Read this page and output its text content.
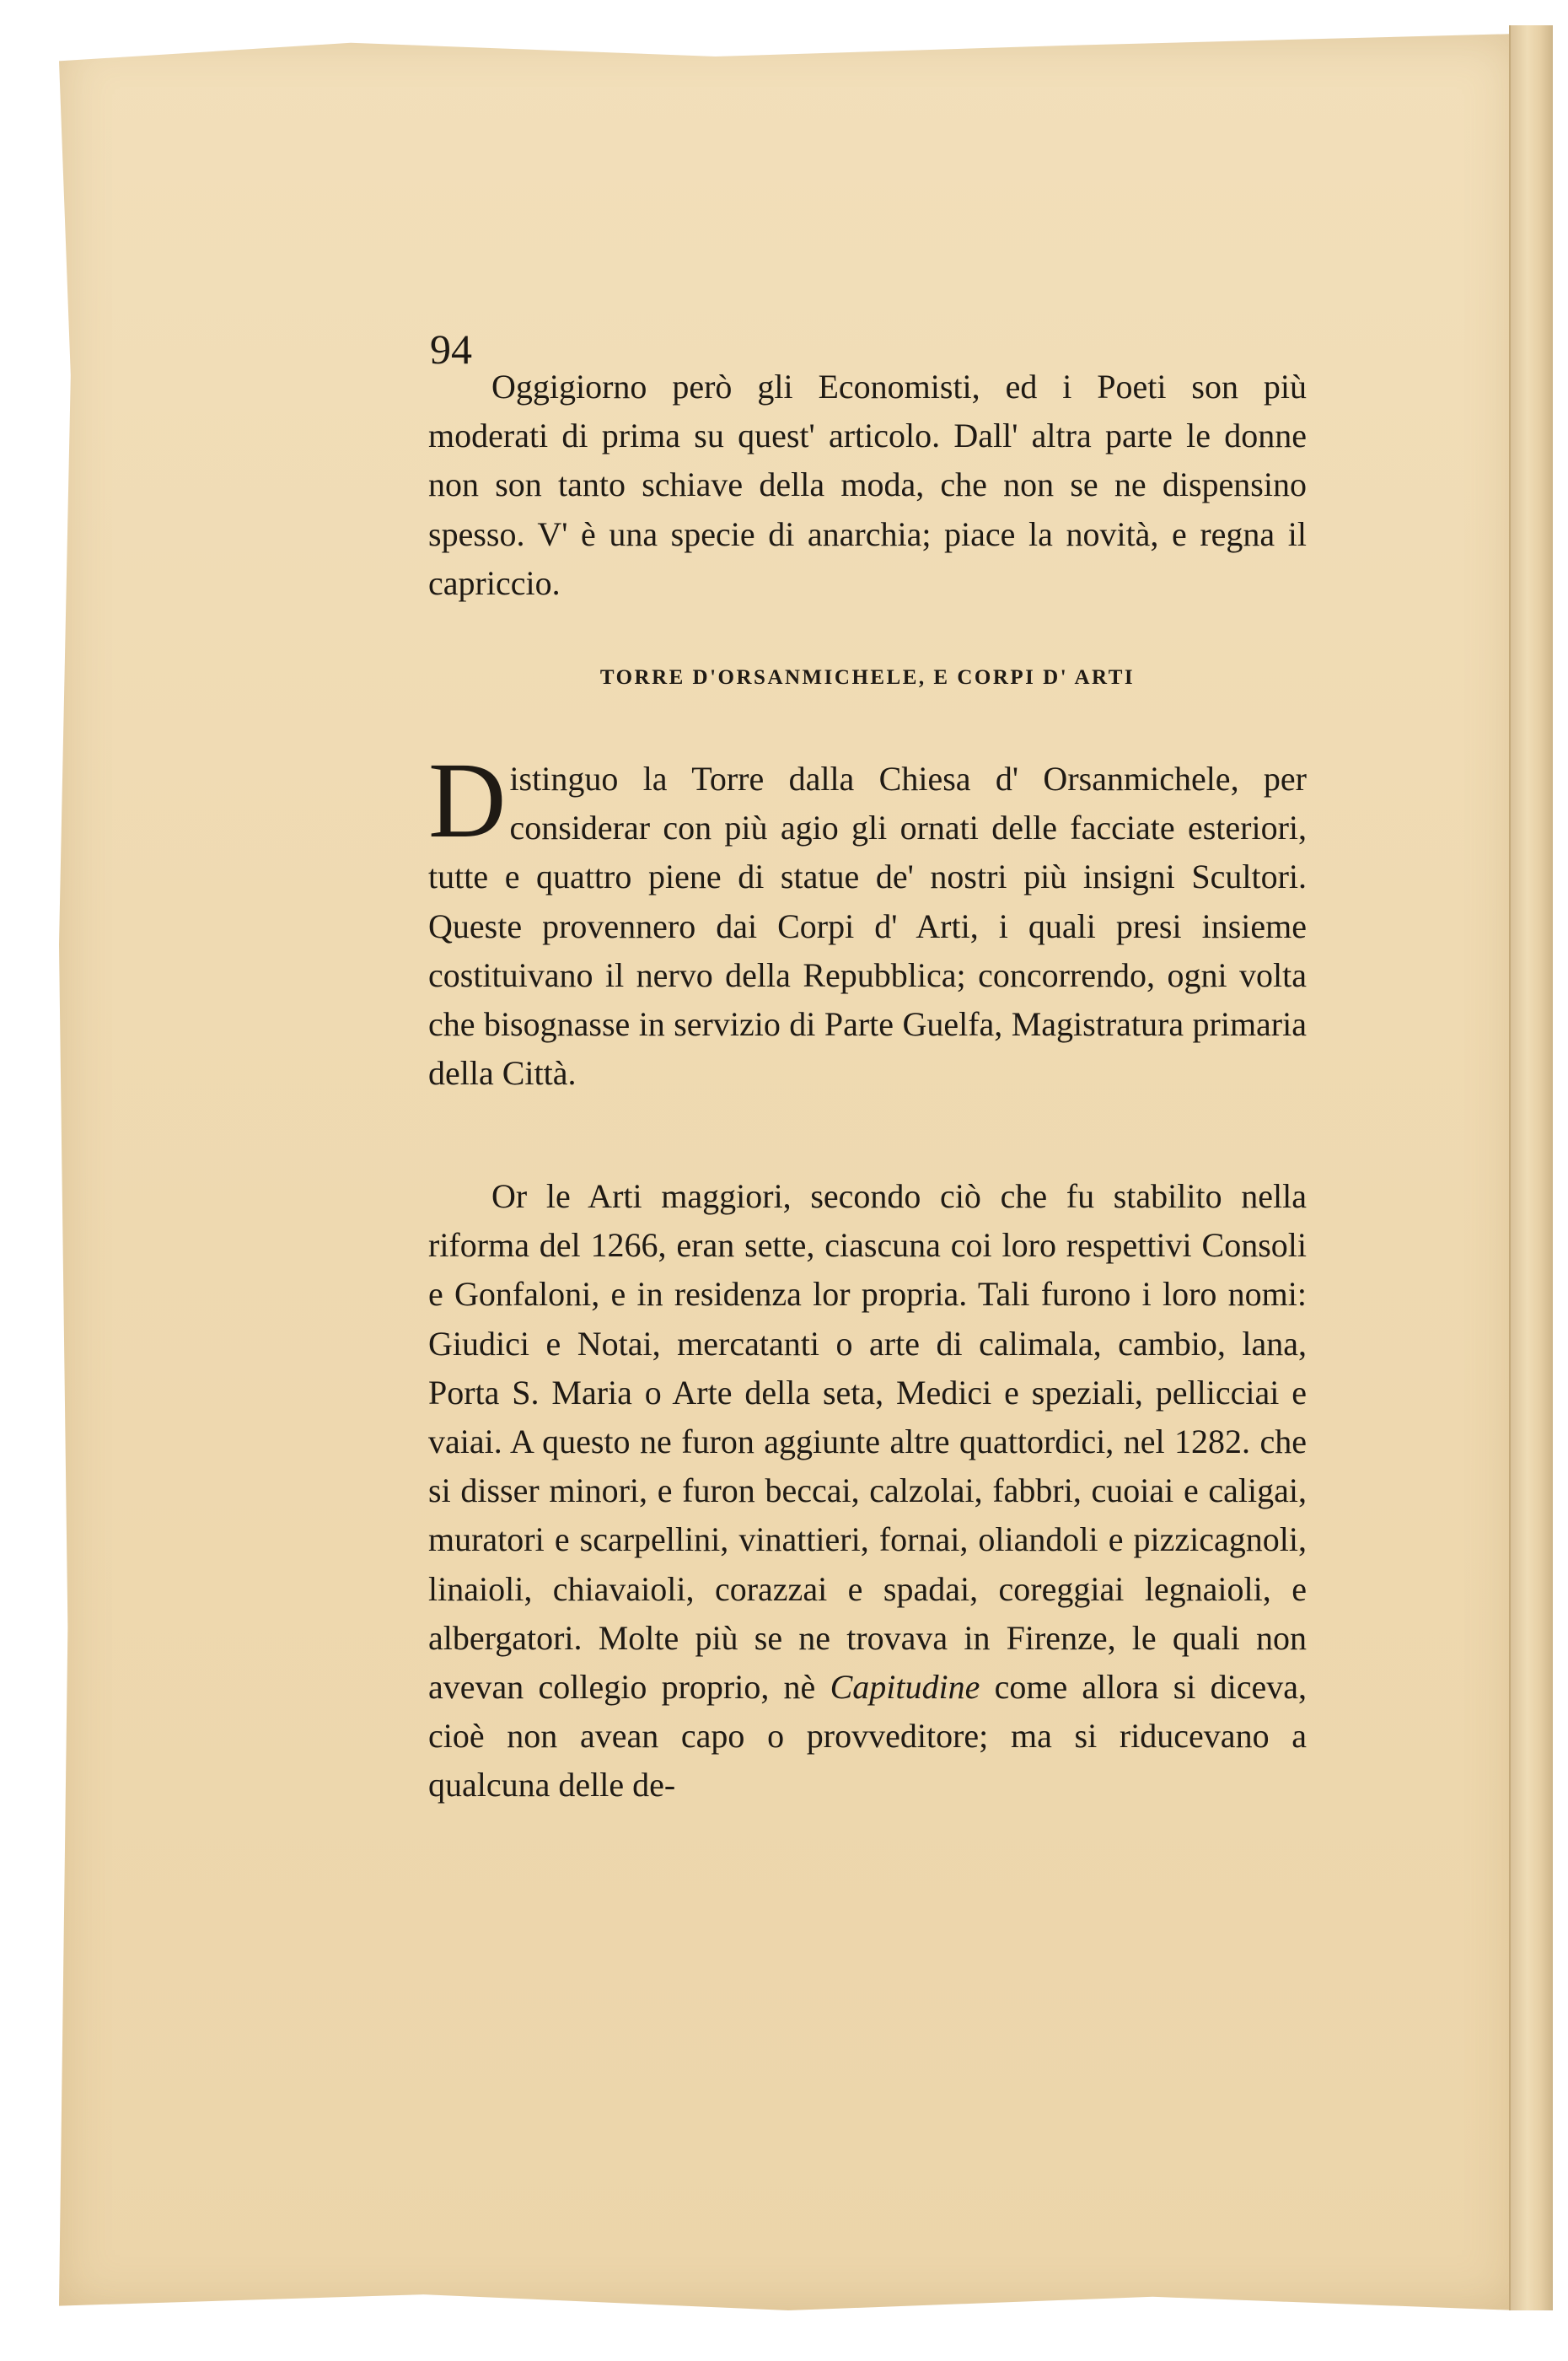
94

Oggigiorno però gli Economisti, ed i Poeti son più moderati di prima su quest' articolo. Dall' altra parte le donne non son tanto schiave della moda, che non se ne dispensino spesso. V' è una specie di anarchia; piace la novità, e regna il capriccio.

TORRE D'ORSANMICHELE, E CORPI D' ARTI

Distinguo la Torre dalla Chiesa d' Orsanmichele, per considerar con più agio gli ornati delle facciate esteriori, tutte e quattro piene di statue de' nostri più insigni Scultori. Queste provennero dai Corpi d' Arti, i quali presi insieme costituivano il nervo della Repubblica; concorrendo, ogni volta che bisognasse in servizio di Parte Guelfa, Magistratura primaria della Città.

Or le Arti maggiori, secondo ciò che fu stabilito nella riforma del 1266, eran sette, ciascuna coi loro respettivi Consoli e Gonfaloni, e in residenza lor propria. Tali furono i loro nomi: Giudici e Notai, mercatanti o arte di calimala, cambio, lana, Porta S. Maria o Arte della seta, Medici e speziali, pellicciai e vaiai. A questo ne furon aggiunte altre quattordici, nel 1282. che si disser minori, e furon beccai, calzolai, fabbri, cuoiai e caligai, muratori e scarpellini, vinattieri, fornai, oliandoli e pizzicagnoli, linaioli, chiavaioli, corazzai e spadai, coreggiai legnaioli, e albergatori. Molte più se ne trovava in Firenze, le quali non avevan collegio proprio, nè Capitudine come allora si diceva, cioè non avean capo o provveditore; ma si riducevano a qualcuna delle de-
